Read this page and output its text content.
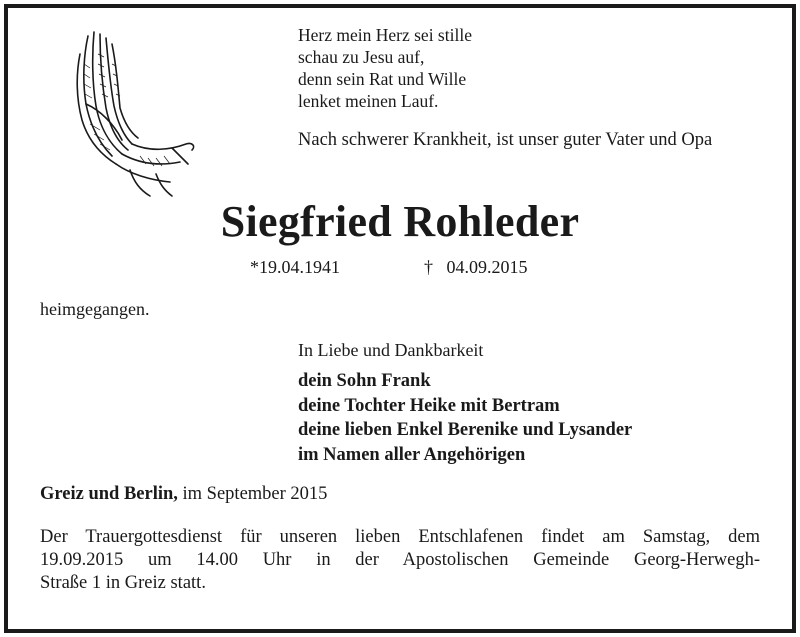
Herz mein Herz sei stille
schau zu Jesu auf,
denn sein Rat und Wille
lenket meinen Lauf.
Nach schwerer Krankheit, ist unser guter Vater und Opa
Siegfried Rohleder
*19.04.1941	† 04.09.2015
heimgegangen.
In Liebe und Dankbarkeit
dein Sohn Frank
deine Tochter Heike mit Bertram
deine lieben Enkel Berenike und Lysander
im Namen aller Angehörigen
Greiz und Berlin, im September 2015
Der Trauergottesdienst für unseren lieben Entschlafenen findet am Samstag, dem
19.09.2015 um 14.00 Uhr in der Apostolischen Gemeinde Georg-Herwegh-
Straße 1 in Greiz statt.
